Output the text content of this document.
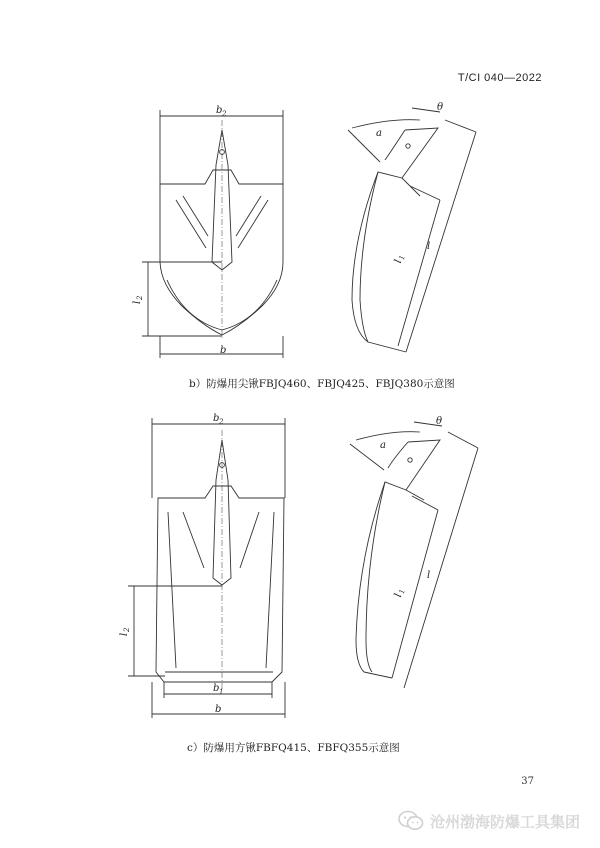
T/CI 040—2022
b 2
l
2
b
θ
a
l
1
l
b）防爆用尖锹FBJQ460、FBJQ425、FBJQ380示意图
b 2
l
2
b 1
b
θ
a
l
1
l
c）防爆用方锹FBFQ415、FBFQ355示意图
37
沧州渤海防爆工具集团
